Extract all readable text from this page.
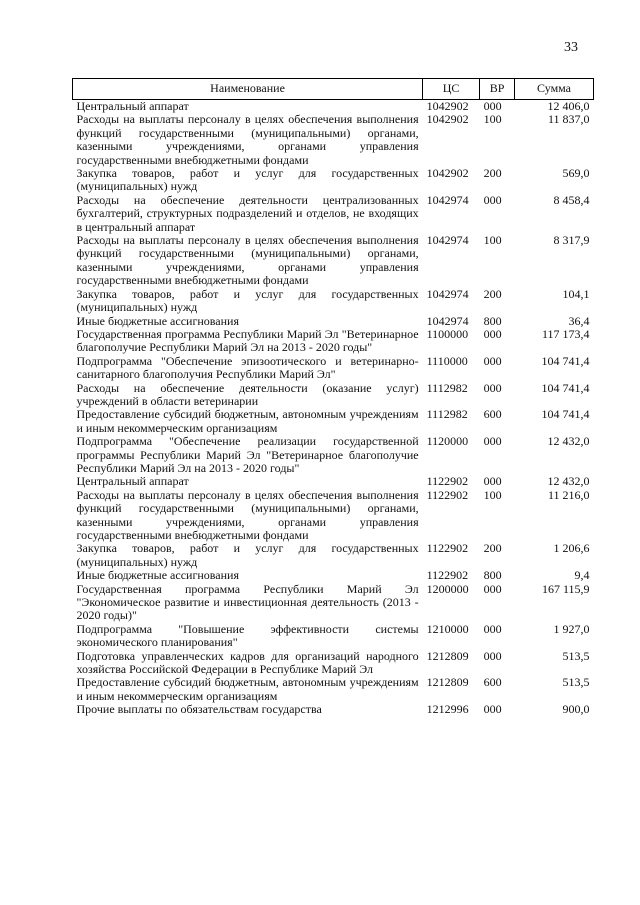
33
Наименование	ЦС	ВР	Сумма
Центральный аппарат	1042902	000	12 406,0
Расходы на выплаты персоналу в целях обеспечения выполнения функций государственными (муниципальными) органами, казенными учреждениями, органами управления государственными внебюджетными фондами	1042902	100	11 837,0
Закупка товаров, работ и услуг для государственных (муниципальных) нужд	1042902	200	569,0
Расходы на обеспечение деятельности централизованных бухгалтерий, структурных подразделений и отделов, не входящих в центральный аппарат	1042974	000	8 458,4
Расходы на выплаты персоналу в целях обеспечения выполнения функций государственными (муниципальными) органами, казенными учреждениями, органами управления государственными внебюджетными фондами	1042974	100	8 317,9
Закупка товаров, работ и услуг для государственных (муниципальных) нужд	1042974	200	104,1
Иные бюджетные ассигнования	1042974	800	36,4
Государственная программа Республики Марий Эл "Ветеринарное благополучие Республики Марий Эл на 2013 - 2020 годы"	1100000	000	117 173,4
Подпрограмма "Обеспечение эпизоотического и ветеринарно-санитарного благополучия Республики Марий Эл"	1110000	000	104 741,4
Расходы на обеспечение деятельности (оказание услуг) учреждений в области ветеринарии	1112982	000	104 741,4
Предоставление субсидий бюджетным, автономным учреждениям и иным некоммерческим организациям	1112982	600	104 741,4
Подпрограмма "Обеспечение реализации государственной программы Республики Марий Эл "Ветеринарное благополучие Республики Марий Эл на 2013 - 2020 годы"	1120000	000	12 432,0
Центральный аппарат	1122902	000	12 432,0
Расходы на выплаты персоналу в целях обеспечения выполнения функций государственными (муниципальными) органами, казенными учреждениями, органами управления государственными внебюджетными фондами	1122902	100	11 216,0
Закупка товаров, работ и услуг для государственных (муниципальных) нужд	1122902	200	1 206,6
Иные бюджетные ассигнования	1122902	800	9,4
Государственная программа Республики Марий Эл "Экономическое развитие и инвестиционная деятельность (2013 - 2020 годы)"	1200000	000	167 115,9
Подпрограмма "Повышение эффективности системы экономического планирования"	1210000	000	1 927,0
Подготовка управленческих кадров для организаций народного хозяйства Российской Федерации в Республике Марий Эл	1212809	000	513,5
Предоставление субсидий бюджетным, автономным учреждениям и иным некоммерческим организациям	1212809	600	513,5
Прочие выплаты по обязательствам государства	1212996	000	900,0
